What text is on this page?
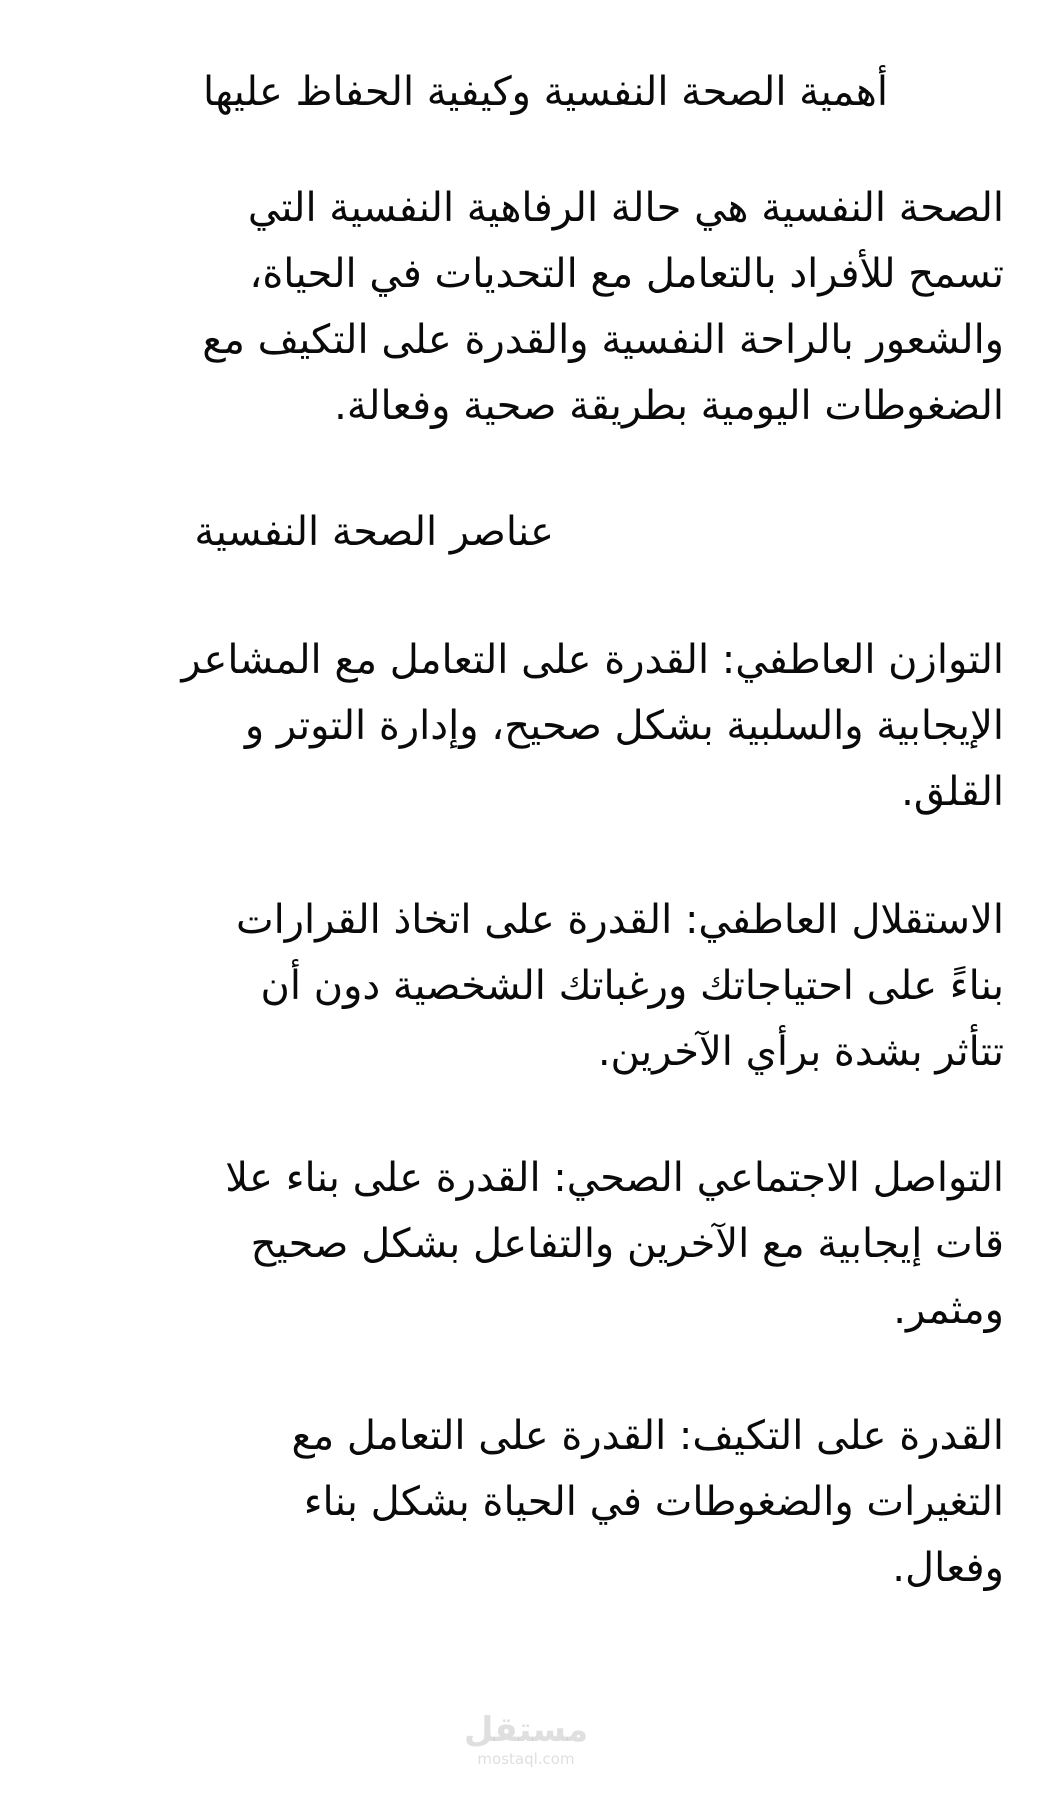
أهمية الصحة النفسية وكيفية الحفاظ عليها
الصحة النفسية هي حالة الرفاهية النفسية التي
تسمح للأفراد بالتعامل مع التحديات في الحياة،
والشعور بالراحة النفسية والقدرة على التكيف مع
الضغوطات اليومية بطريقة صحية وفعالة.
عناصر الصحة النفسية
التوازن العاطفي: القدرة على التعامل مع المشاعر
الإيجابية والسلبية بشكل صحيح، وإدارة التوتر و
القلق.
الاستقلال العاطفي: القدرة على اتخاذ القرارات
بناءً على احتياجاتك ورغباتك الشخصية دون أن
تتأثر بشدة برأي الآخرين.
التواصل الاجتماعي الصحي: القدرة على بناء علا
قات إيجابية مع الآخرين والتفاعل بشكل صحيح
ومثمر.
القدرة على التكيف: القدرة على التعامل مع
التغيرات والضغوطات في الحياة بشكل بناء
وفعال.
مستقل
mostaql.com
